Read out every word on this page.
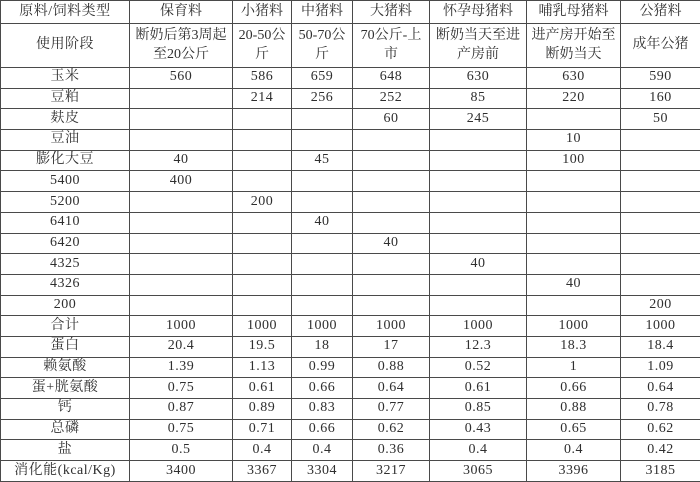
原料/饲料类型	保育料	小猪料	中猪料	大猪料	怀孕母猪料	哺乳母猪料	公猪料
使用阶段	断奶后第3周起至20公斤	20-50公斤	50-70公斤	70公斤-上市	断奶当天至进产房前	进产房开始至断奶当天	成年公猪
玉米	560	586	659	648	630	630	590
豆粕		214	256	252	85	220	160
麸皮				60	245		50
豆油						10	
膨化大豆	40		45			100	
5400	400						
5200		200					
6410			40				
6420				40			
4325					40		
4326						40	
200							200
合计	1000	1000	1000	1000	1000	1000	1000
蛋白	20.4	19.5	18	17	12.3	18.3	18.4
赖氨酸	1.39	1.13	0.99	0.88	0.52	1	1.09
蛋+胱氨酸	0.75	0.61	0.66	0.64	0.61	0.66	0.64
钙	0.87	0.89	0.83	0.77	0.85	0.88	0.78
总磷	0.75	0.71	0.66	0.62	0.43	0.65	0.62
盐	0.5	0.4	0.4	0.36	0.4	0.4	0.42
消化能(kcal/Kg)	3400	3367	3304	3217	3065	3396	3185
